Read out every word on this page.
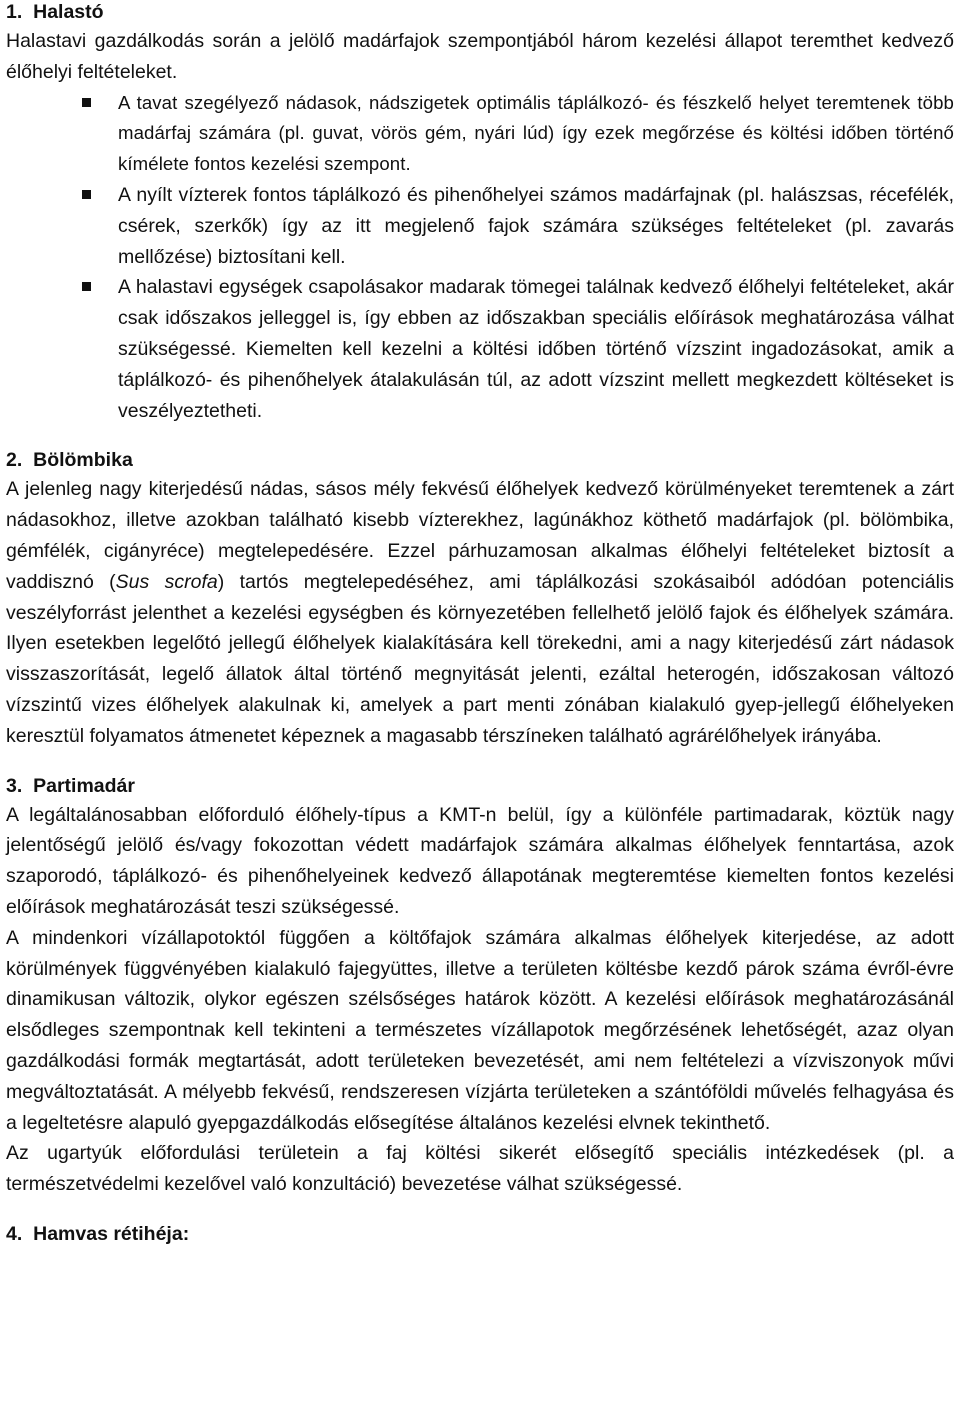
1. Halastó

Halastavi gazdálkodás során a jelölő madárfajok szempontjából három kezelési állapot teremthet kedvező élőhelyi feltételeket.

A tavat szegélyező nádasok, nádszigetek optimális táplálkozó- és fészkelő helyet teremtenek több madárfaj számára (pl. guvat, vörös gém, nyári lúd) így ezek megőrzése és költési időben történő kímélete fontos kezelési szempont.
A nyílt vízterek fontos táplálkozó és pihenőhelyei számos madárfajnak (pl. halászsas, récefélék, csérek, szerkők) így az itt megjelenő fajok számára szükséges feltételeket (pl. zavarás mellőzése) biztosítani kell.
A halastavi egységek csapolásakor madarak tömegei találnak kedvező élőhelyi feltételeket, akár csak időszakos jelleggel is, így ebben az időszakban speciális előírások meghatározása válhat szükségessé. Kiemelten kell kezelni a költési időben történő vízszint ingadozásokat, amik a táplálkozó- és pihenőhelyek átalakulásán túl, az adott vízszint mellett megkezdett költéseket is veszélyeztetheti.
2. Bölömbika

A jelenleg nagy kiterjedésű nádas, sásos mély fekvésű élőhelyek kedvező körülményeket teremtenek a zárt nádasokhoz, illetve azokban található kisebb vízterekhez, lagúnákhoz köthető madárfajok (pl. bölömbika, gémfélék, cigányréce) megtelepedésére. Ezzel párhuzamosan alkalmas élőhelyi feltételeket biztosít a vaddisznó (Sus scrofa) tartós megtelepedéséhez, ami táplálkozási szokásaiból adódóan potenciális veszélyforrást jelenthet a kezelési egységben és környezetében fellelhető jelölő fajok és élőhelyek számára. Ilyen esetekben legelőtó jellegű élőhelyek kialakítására kell törekedni, ami a nagy kiterjedésű zárt nádasok visszaszorítását, legelő állatok által történő megnyitását jelenti, ezáltal heterogén, időszakosan változó vízszintű vizes élőhelyek alakulnak ki, amelyek a part menti zónában kialakuló gyep-jellegű élőhelyeken keresztül folyamatos átmenetet képeznek a magasabb térszíneken található agrárélőhelyek irányába.

3. Partimadár

A legáltalánosabban előforduló élőhely-típus a KMT-n belül, így a különféle partimadarak, köztük nagy jelentőségű jelölő és/vagy fokozottan védett madárfajok számára alkalmas élőhelyek fenntartása, azok szaporodó, táplálkozó- és pihenőhelyeinek kedvező állapotának megteremtése kiemelten fontos kezelési előírások meghatározását teszi szükségessé.

A mindenkori vízállapotoktól függően a költőfajok számára alkalmas élőhelyek kiterjedése, az adott körülmények függvényében kialakuló fajegyüttes, illetve a területen költésbe kezdő párok száma évről-évre dinamikusan változik, olykor egészen szélsőséges határok között. A kezelési előírások meghatározásánál elsődleges szempontnak kell tekinteni a természetes vízállapotok megőrzésének lehetőségét, azaz olyan gazdálkodási formák megtartását, adott területeken bevezetését, ami nem feltételezi a vízviszonyok művi megváltoztatását. A mélyebb fekvésű, rendszeresen vízjárta területeken a szántóföldi művelés felhagyása és a legeltetésre alapuló gyepgazdálkodás elősegítése általános kezelési elvnek tekinthető.

Az ugartyúk előfordulási területein a faj költési sikerét elősegítő speciális intézkedések (pl. a természetvédelmi kezelővel való konzultáció) bevezetése válhat szükségessé.

4. Hamvas rétihéja:
